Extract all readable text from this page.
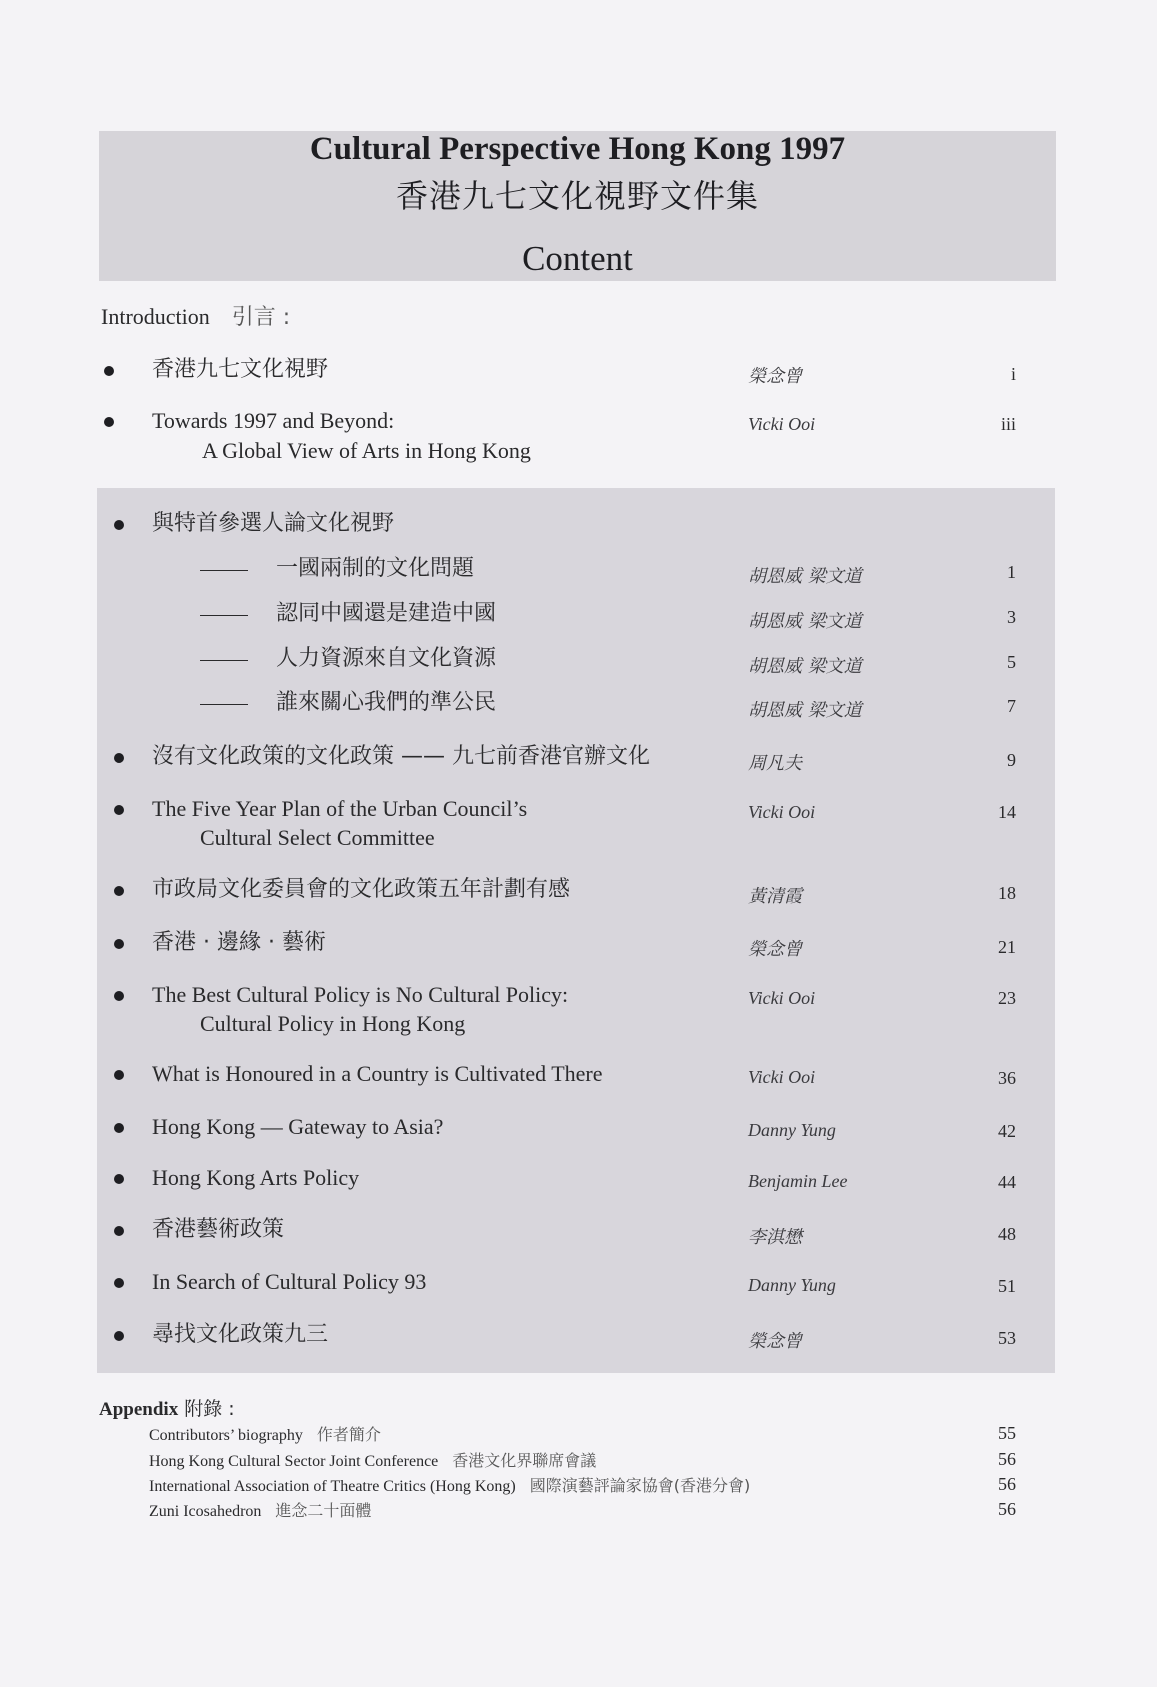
Cultural Perspective Hong Kong 1997
香港九七文化視野文件集
Content
Introduction 引言 :
香港九七文化視野	榮念曾	i
Towards 1997 and Beyond:
A Global View of Arts in Hong Kong
Vicki Ooi	iii
與特首參選人論文化視野
一國兩制的文化問題	胡恩威 梁文道	1
認同中國還是建造中國	胡恩威 梁文道	3
人力資源來自文化資源	胡恩威 梁文道	5
誰來關心我們的準公民	胡恩威 梁文道	7
沒有文化政策的文化政策 —— 九七前香港官辦文化	周凡夫	9
The Five Year Plan of the Urban Council’s
Cultural Select Committee
Vicki Ooi	14
市政局文化委員會的文化政策五年計劃有感	黃清霞	18
香港 · 邊緣 · 藝術	榮念曾	21
The Best Cultural Policy is No Cultural Policy:
Cultural Policy in Hong Kong
Vicki Ooi	23
What is Honoured in a Country is Cultivated There	Vicki Ooi	36
Hong Kong — Gateway to Asia?	Danny Yung	42
Hong Kong Arts Policy	Benjamin Lee	44
香港藝術政策	李淇懋	48
In Search of Cultural Policy 93	Danny Yung	51
尋找文化政策九三	榮念曾	53
Appendix 附錄 :
Contributors’ biography 作者簡介	55
Hong Kong Cultural Sector Joint Conference 香港文化界聯席會議	56
International Association of Theatre Critics (Hong Kong) 國際演藝評論家協會(香港分會)	56
Zuni Icosahedron 進念二十面體	56
